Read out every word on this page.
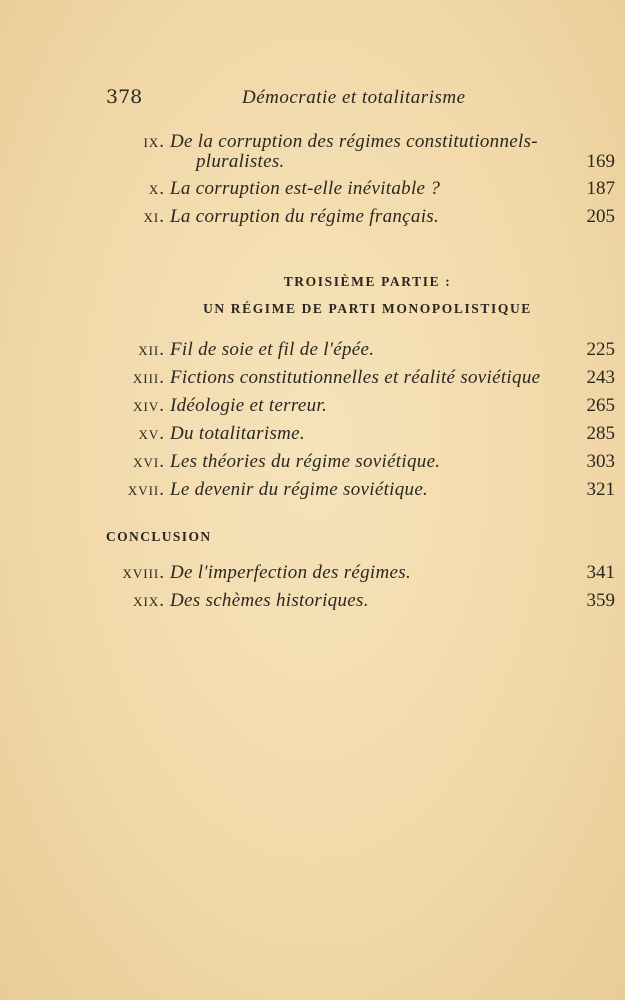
378	Démocratie et totalitarisme
ix. De la corruption des régimes constitutionnels-
pluralistes.	169
x. La corruption est-elle inévitable ?	187
xi. La corruption du régime français.	205
TROISIÈME PARTIE :
UN RÉGIME DE PARTI MONOPOLISTIQUE
xii. Fil de soie et fil de l'épée.	225
xiii. Fictions constitutionnelles et réalité soviétique 243
xiv. Idéologie et terreur.	265
xv. Du totalitarisme.	285
xvi. Les théories du régime soviétique.	303
xvii. Le devenir du régime soviétique.	321
CONCLUSION
xviii. De l'imperfection des régimes.	341
xix. Des schèmes historiques.	359
